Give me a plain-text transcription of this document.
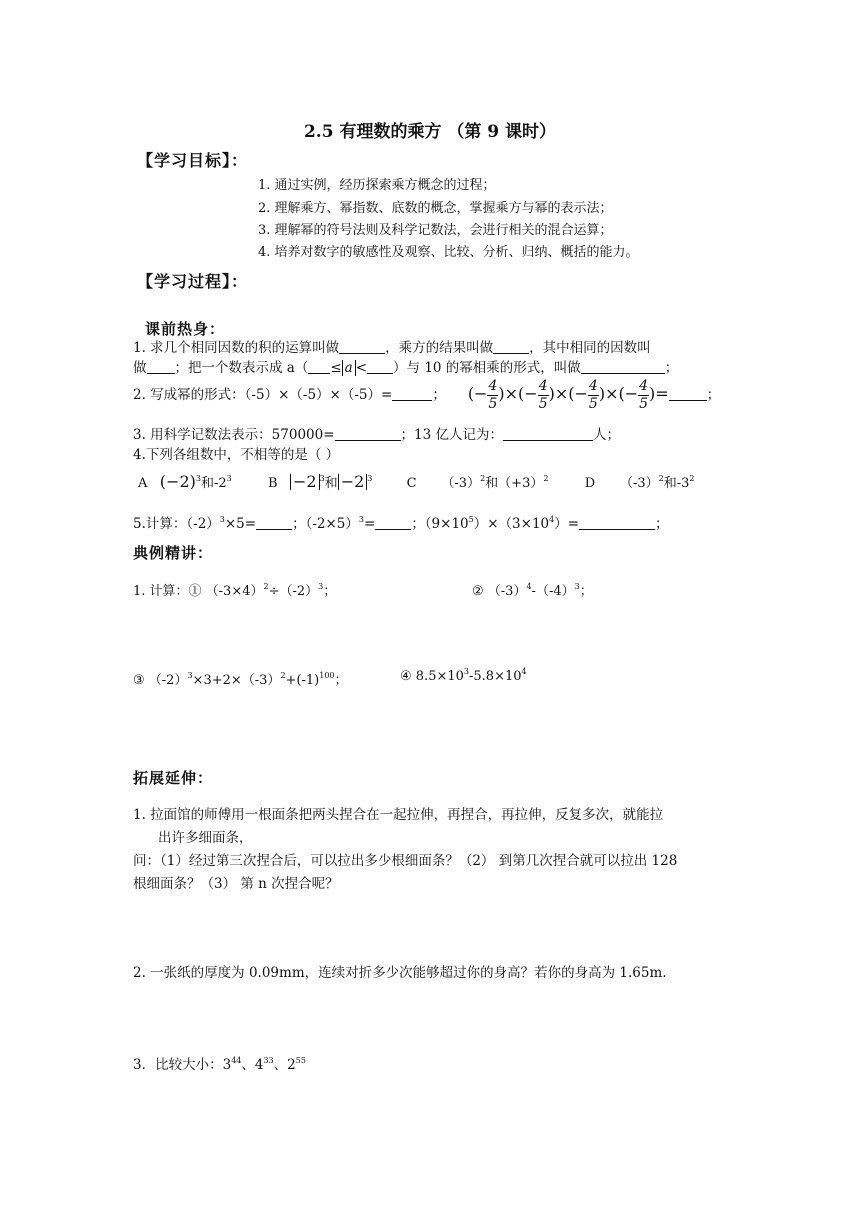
2.5 有理数的乘方 （第 9 课时）
【学习目标】：
1. 通过实例，经历探索乘方概念的过程；
2. 理解乘方、幂指数、底数的概念，掌握乘方与幂的表示法；
3. 理解幂的符号法则及科学记数法，会进行相关的混合运算；
4. 培养对数字的敏感性及观察、比较、分析、归纳、概括的能力。
【学习过程】：
课前热身：
1. 求几个相同因数的积的运算叫做	，乘方的结果叫做	，其中相同的因数叫
做 ；把一个数表示成 a（ ≤ a < ）与 10 的幂相乘的形式，叫做	；
2. 写成幂的形式：（-5）×（-5）×（-5）=	； (− $\frac{4}{5}$ )×(− $\frac{4}{5}$ )×(− $\frac{4}{5}$ )×(− $\frac{4}{5}$ )=	；
3. 用科学记数法表示：570000=	；13 亿人记为：	人；
4.下列各组数中，不相等的是（ ）
A $(-2)^3$和$-2^3$	B −2 $^3$和 −2 $^3$	C $(-3)^2$和$(+3)^2$	D $(-3)^2$和$-3^2$
5.计算：$(-2)^3\times 5=$	；$(-2\times 5)^3=$	；$(9\times 10^5)\times(3\times 10^4)=$	；
典例精讲：
1. 计算：① $(-3\times 4)^2\div(-2)^3$；	② $(-3)^4-(-4)^3$；
③ $(-2)^3\times 3+2\times(-3)^2+(-1)^{100}$；	④ $8.5\times 10^3-5.8\times 10^4$
拓展延伸：
1. 拉面馆的师傅用一根面条把两头捏合在一起拉伸，再捏合，再拉伸，反复多次，就能拉
出许多细面条，
问：（1）经过第三次捏合后，可以拉出多少根细面条？（2） 到第几次捏合就可以拉出 128
根细面条？（3） 第 n 次捏合呢？
2. 一张纸的厚度为 0.09mm，连续对折多少次能够超过你的身高？若你的身高为 1.65m.
3．比较大小：$3^{44}$、$4^{33}$、$2^{55}$
